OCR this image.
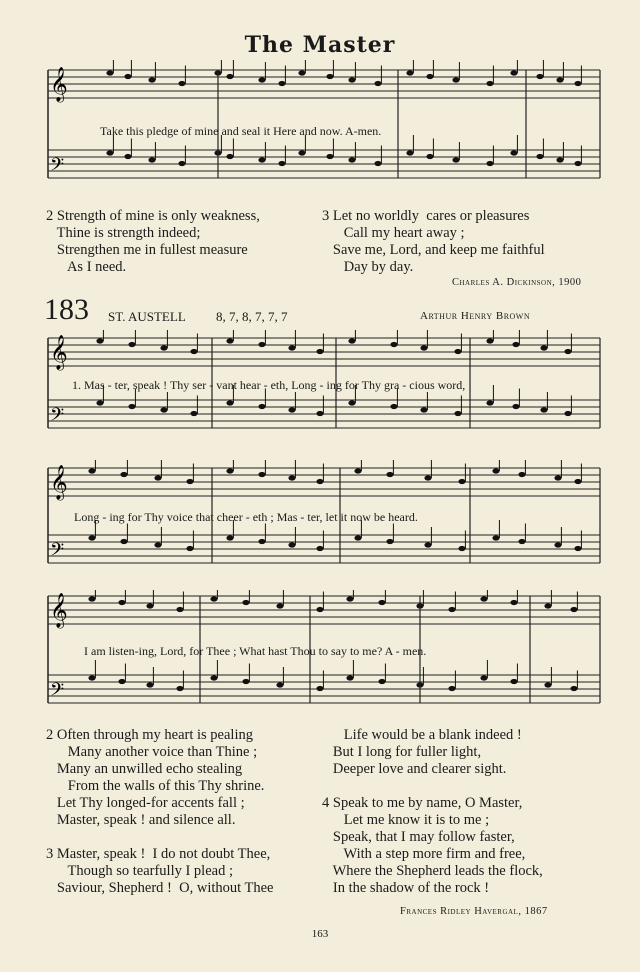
The Master
𝄞
𝄢
Take this pledge of mine and seal it Here and now. A-men.
2 Strength of mine is only weakness,
Thine is strength indeed;
Strengthen me in fullest measure
As I need.
3 Let no worldly  cares or pleasures
Call my heart away ;
Save me, Lord, and keep me faithful
Day by day.
Charles A. Dickinson, 1900
183 ST. AUSTELL 8, 7, 8, 7, 7, 7	Arthur Henry Brown
𝄞
𝄢
1. Mas - ter, speak ! Thy ser - vant hear - eth, Long - ing for Thy gra - cious word,
𝄞
𝄢
Long - ing for Thy voice that cheer - eth ; Mas - ter, let it now be heard.
𝄞
𝄢
I am listen-ing, Lord, for Thee ; What hast Thou to say to me? A - men.
2 Often through my heart is pealing
Many another voice than Thine ;
Many an unwilled echo stealing
From the walls of this Thy shrine.
Let Thy longed-for accents fall ;
Master, speak ! and silence all.

3 Master, speak !  I do not doubt Thee,
Though so tearfully I plead ;
Saviour, Shepherd !  O, without Thee
Life would be a blank indeed !
But I long for fuller light,
Deeper love and clearer sight.

4 Speak to me by name, O Master,
Let me know it is to me ;
Speak, that I may follow faster,
With a step more firm and free,
Where the Shepherd leads the flock,
In the shadow of the rock !
Frances Ridley Havergal, 1867
163
